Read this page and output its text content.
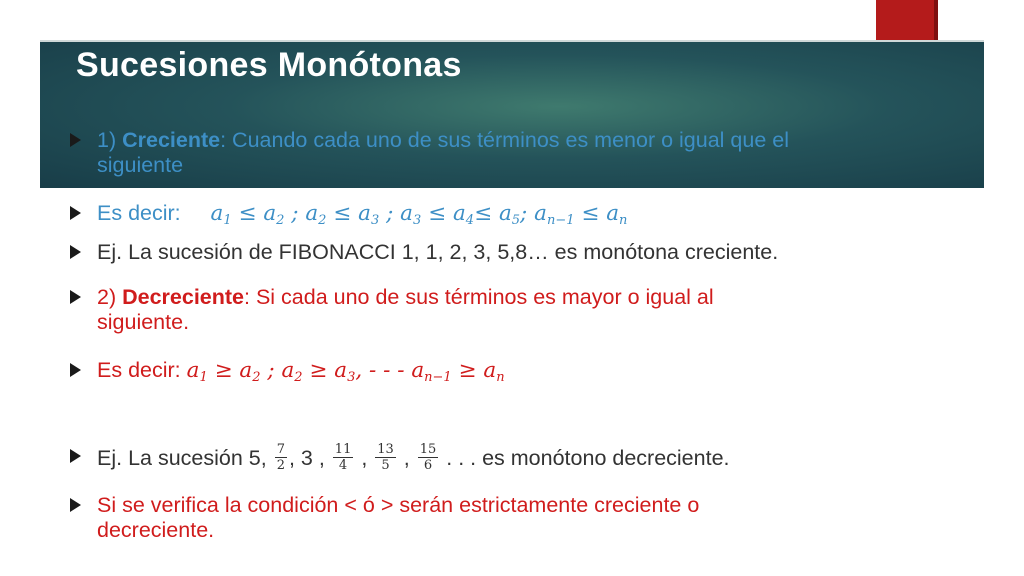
Sucesiones Monótonas
1) Creciente: Cuando cada uno de sus términos es menor o igual que el
siguiente
Es decir: $a_1 \le a_2$ ; $a_2 \le a_3$ ; $a_3 \le a_4\le a_5$; $a_{n-1} \le a_n$
Ej. La sucesión de FIBONACCI 1, 1, 2, 3, 5,8… es monótona creciente.
2) Decreciente: Si cada uno de sus términos es mayor o igual al
siguiente.
Es decir: $a_1 \ge a_2$ ; $a_2 \ge a_3$, - - - $a_{n-1} \ge a_n$
Ej. La sucesión 5, $\frac{7}{2}$ , 3 , $\frac{11}{4}$ , $\frac{13}{5}$ , $\frac{15}{6}$ . . . es monótono decreciente.
Si se verifica la condición < ó > serán estrictamente creciente o
decreciente.
